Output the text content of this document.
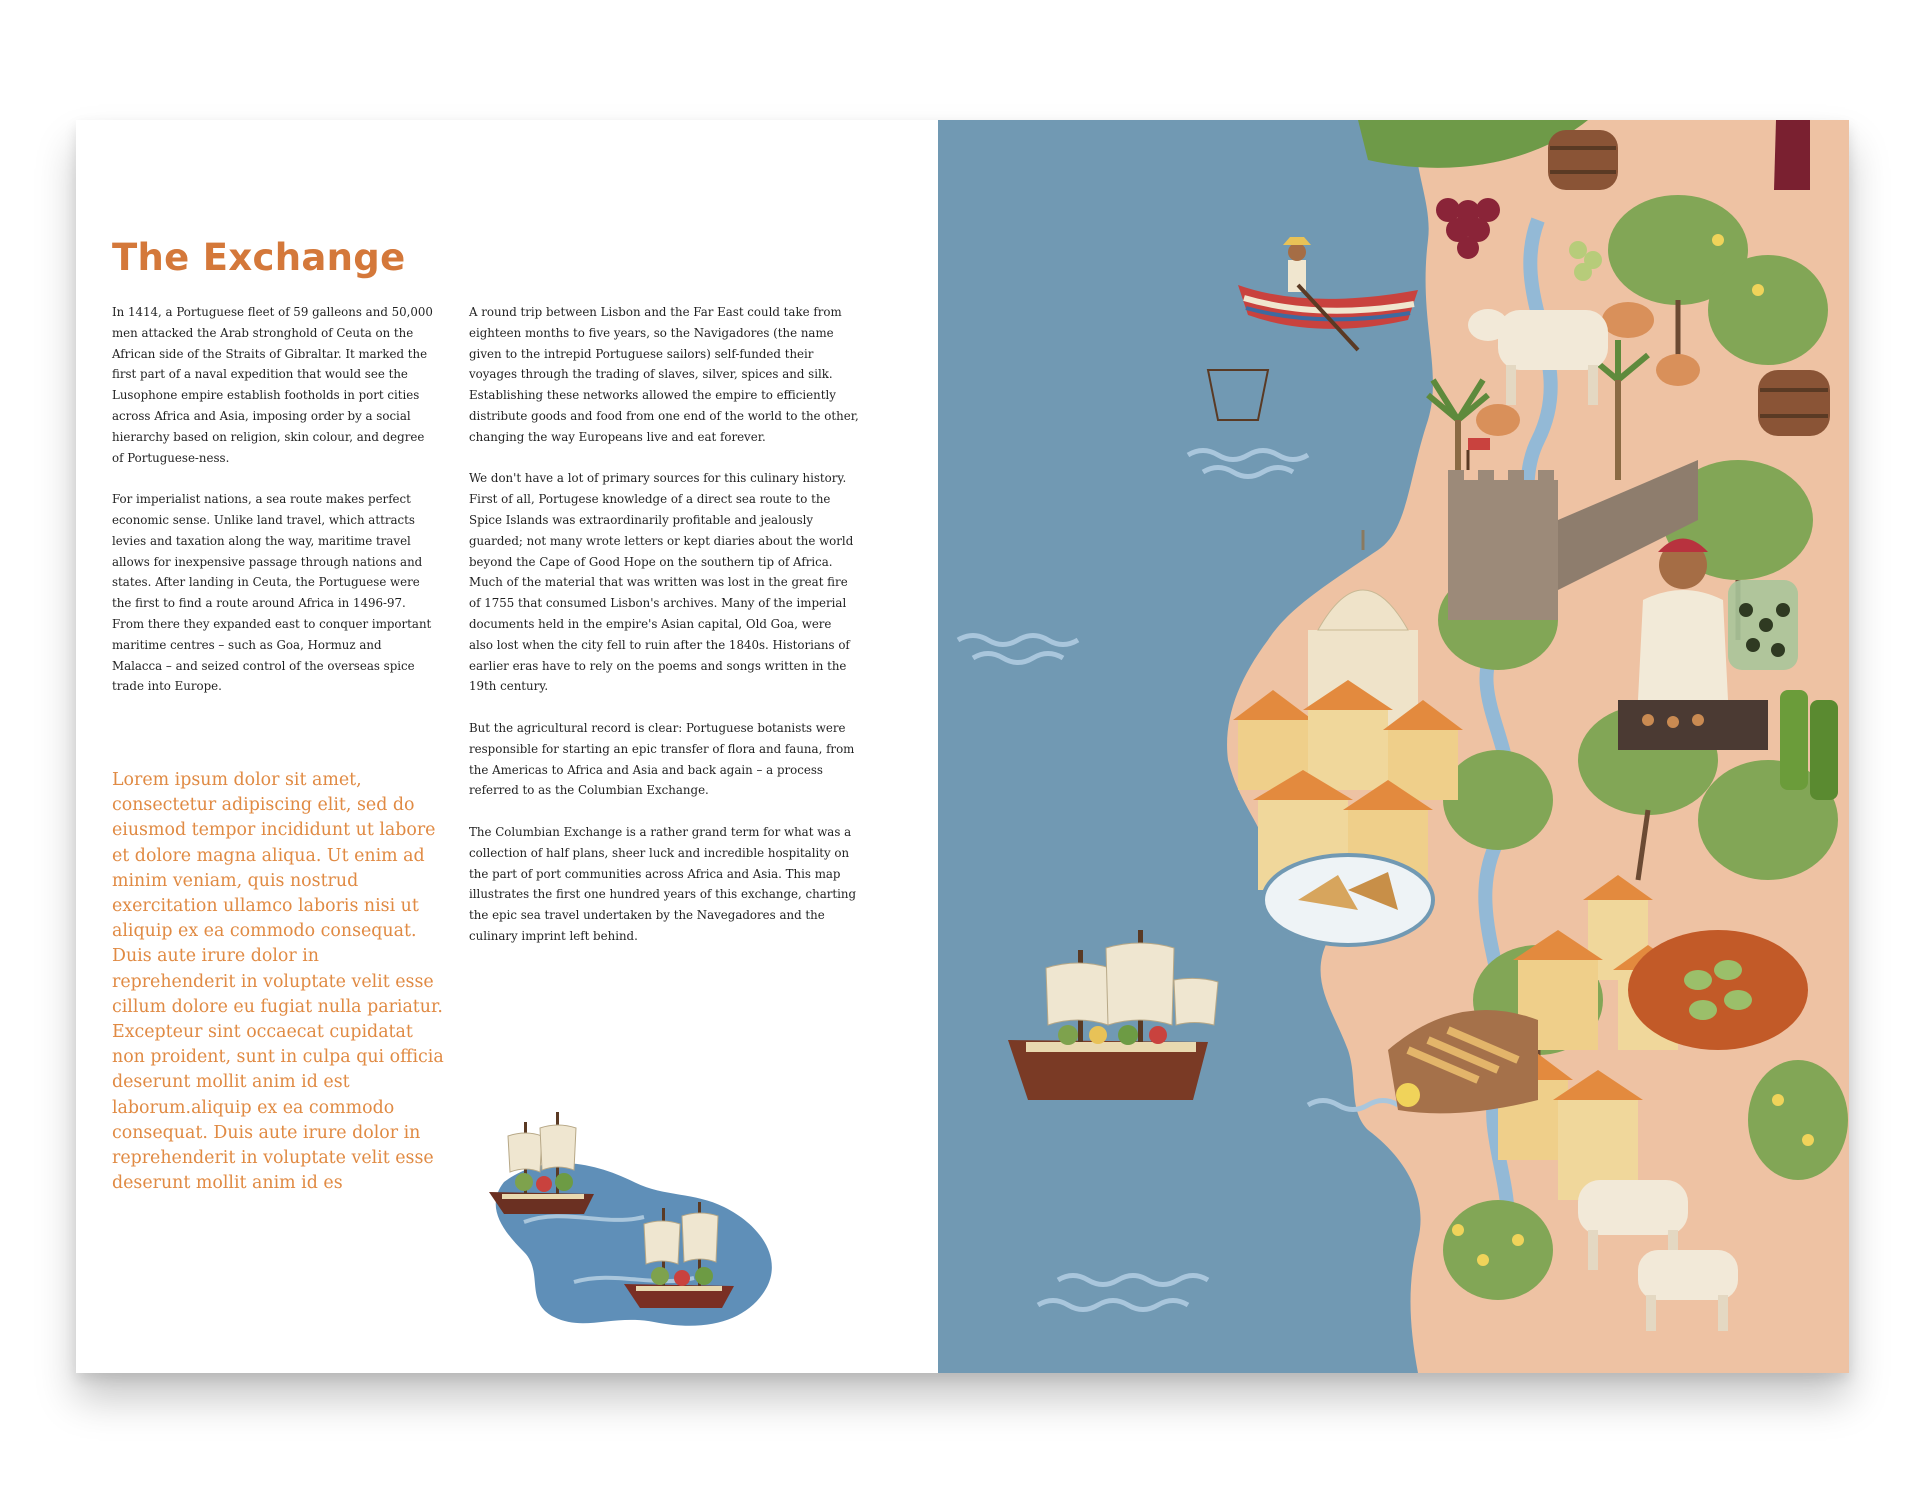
The Exchange

In 1414, a Portuguese fleet of 59 galleons and 50,000 men attacked the Arab stronghold of Ceuta on the African side of the Straits of Gibraltar. It marked the first part of a naval expedition that would see the Lusophone empire establish footholds in port cities across Africa and Asia, imposing order by a social hierarchy based on religion, skin colour, and degree of Portuguese-ness.

For imperialist nations, a sea route makes perfect economic sense. Unlike land travel, which attracts levies and taxation along the way, maritime travel allows for inexpensive passage through nations and states. After landing in Ceuta, the Portuguese were the first to find a route around Africa in 1496-97. From there they expanded east to conquer important maritime centres – such as Goa, Hormuz and Malacca – and seized control of the overseas spice trade into Europe.

A round trip between Lisbon and the Far East could take from eighteen months to five years, so the Navigadores (the name given to the intrepid Portuguese sailors) self-funded their voyages through the trading of slaves, silver, spices and silk. Establishing these networks allowed the empire to efficiently distribute goods and food from one end of the world to the other, changing the way Europeans live and eat forever.

We don't have a lot of primary sources for this culinary history. First of all, Portugese knowledge of a direct sea route to the Spice Islands was extraordinarily profitable and jealously guarded; not many wrote letters or kept diaries about the world beyond the Cape of Good Hope on the southern tip of Africa. Much of the material that was written was lost in the great fire of 1755 that consumed Lisbon's archives. Many of the imperial documents held in the empire's Asian capital, Old Goa, were also lost when the city fell to ruin after the 1840s. Historians of earlier eras have to rely on the poems and songs written in the 19th century.

But the agricultural record is clear: Portuguese botanists were responsible for starting an epic transfer of flora and fauna, from the Americas to Africa and Asia and back again – a process referred to as the Columbian Exchange.

The Columbian Exchange is a rather grand term for what was a collection of half plans, sheer luck and incredible hospitality on the part of port communities across Africa and Asia. This map illustrates the first one hundred years of this exchange, charting the epic sea travel undertaken by the Navegadores and the culinary imprint left behind.

Lorem ipsum dolor sit amet, consectetur adipiscing elit, sed do eiusmod tempor incididunt ut labore et dolore magna aliqua. Ut enim ad minim veniam, quis nostrud exercitation ullamco laboris nisi ut aliquip ex ea commodo consequat. Duis aute irure dolor in reprehenderit in voluptate velit esse cillum dolore eu fugiat nulla pariatur. Excepteur sint occaecat cupidatat non proident, sunt in culpa qui officia deserunt mollit anim id est laborum.aliquip ex ea commodo consequat. Duis aute irure dolor in reprehenderit in voluptate velit esse deserunt mollit anim id es
